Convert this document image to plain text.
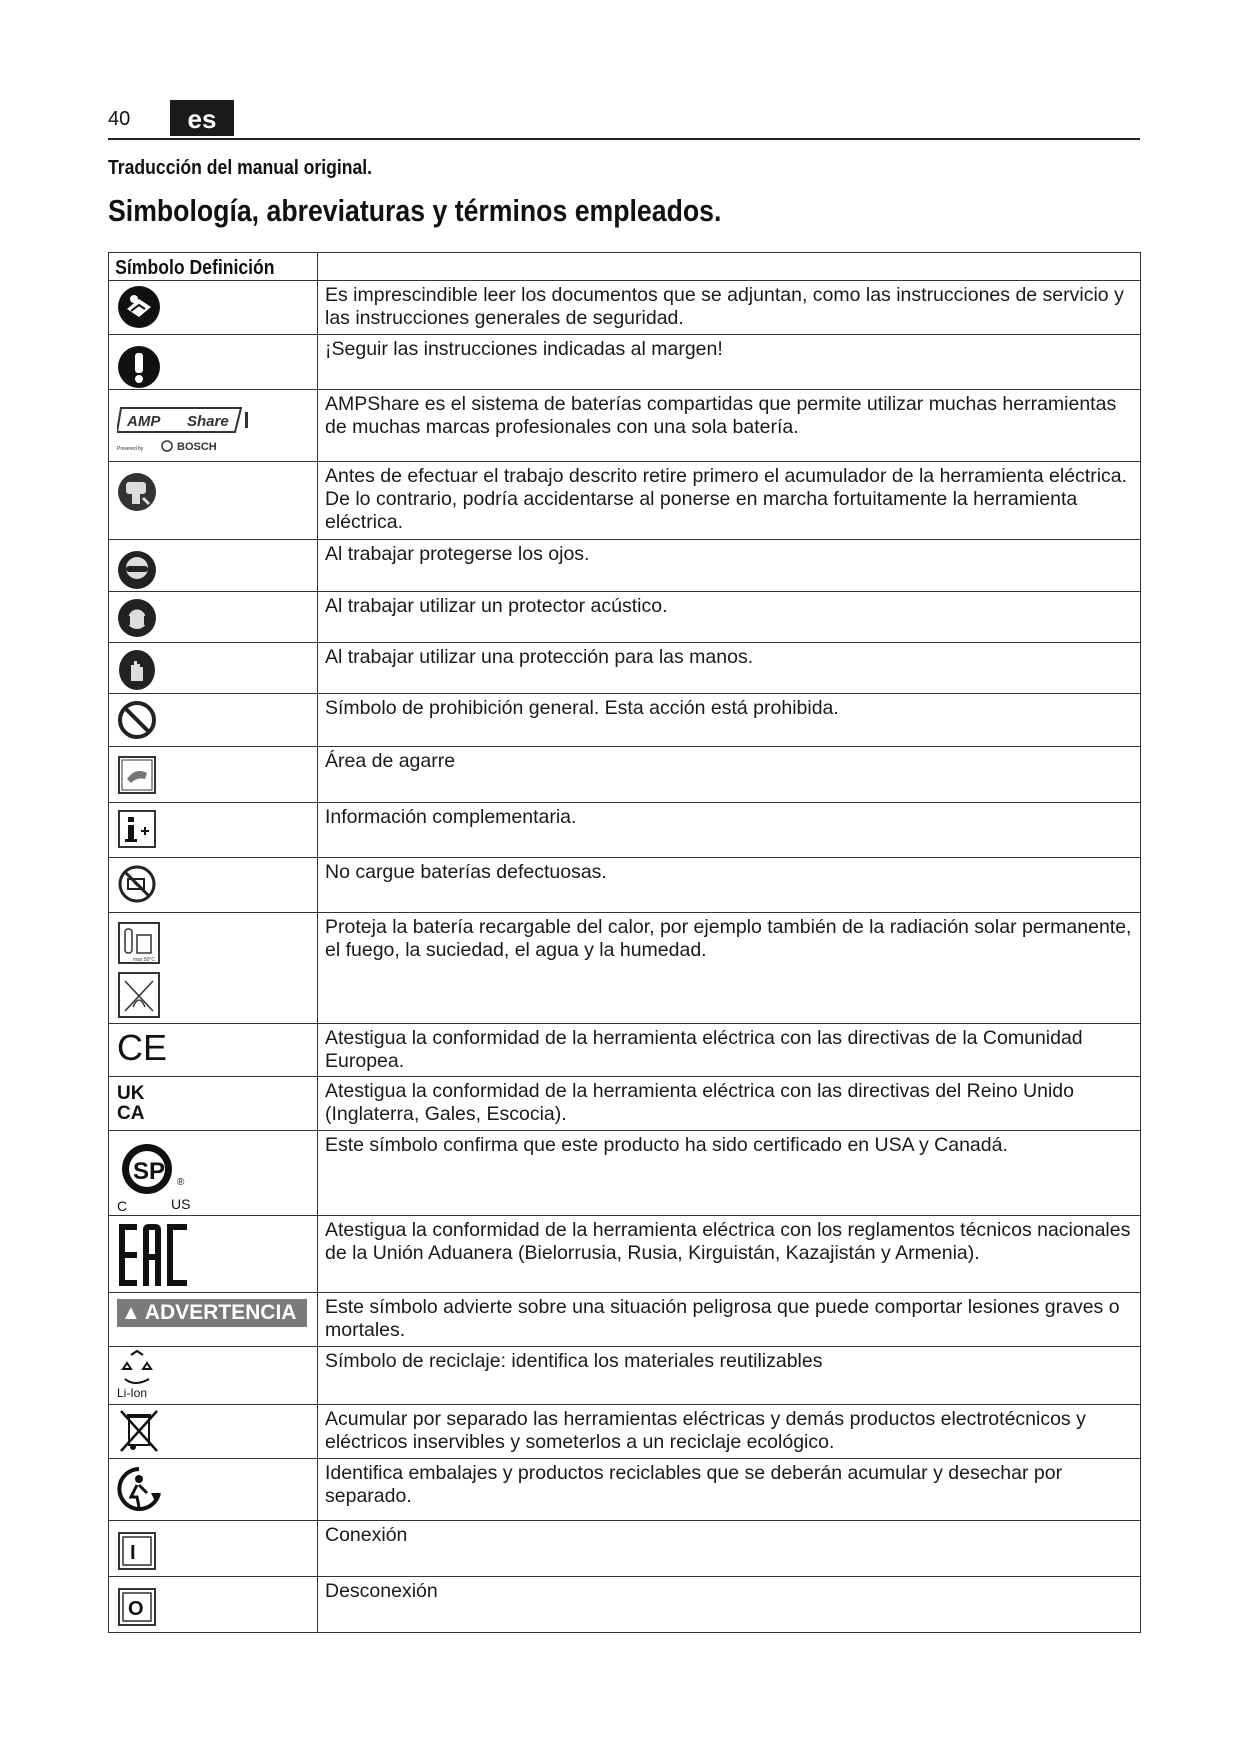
40	es
Traducción del manual original.
Simbología, abreviaturas y términos empleados.
Símbolo Definición	

	Es imprescindible leer los documentos que se adjuntan, como las instrucciones de servicio y las instrucciones generales de seguridad.

	¡Seguir las instrucciones indicadas al margen!

AMP Share
Powered by BOSCH	AMPShare es el sistema de baterías compartidas que permite utilizar muchas herramientas de muchas marcas profesionales con una sola batería.

	Antes de efectuar el trabajo descrito retire primero el acumulador de la herramienta eléctrica. De lo contrario, podría accidentarse al ponerse en marcha fortuitamente la herramienta eléctrica.

	Al trabajar protegerse los ojos.

	Al trabajar utilizar un protector acústico.

	Al trabajar utilizar una protección para las manos.

	Símbolo de prohibición general. Esta acción está prohibida.

	Área de agarre

	Información complementaria.

	No cargue baterías defectuosas.

max 50°C	Proteja la batería recargable del calor, por ejemplo también de la radiación solar permanente, el fuego, la suciedad, el agua y la humedad.

CE	Atestigua la conformidad de la herramienta eléctrica con las directivas de la Comunidad Europea.

UK
CA	Atestigua la conformidad de la herramienta eléctrica con las directivas del Reino Unido (Inglaterra, Gales, Escocia).

SP ®
C US	Este símbolo confirma que este producto ha sido certificado en USA y Canadá.

	Atestigua la conformidad de la herramienta eléctrica con los reglamentos técnicos nacionales de la Unión Aduanera (Bielorrusia, Rusia, Kirguistán, Kazajistán y Armenia).

▲ ADVERTENCIA	Este símbolo advierte sobre una situación peligrosa que puede comportar lesiones graves o mortales.

Li-Ion	Símbolo de reciclaje: identifica los materiales reutilizables

	Acumular por separado las herramientas eléctricas y demás productos electrotécnicos y eléctricos inservibles y someterlos a un reciclaje ecológico.

	Identifica embalajes y productos reciclables que se deberán acumular y desechar por separado.

I	Conexión

O	Desconexión
